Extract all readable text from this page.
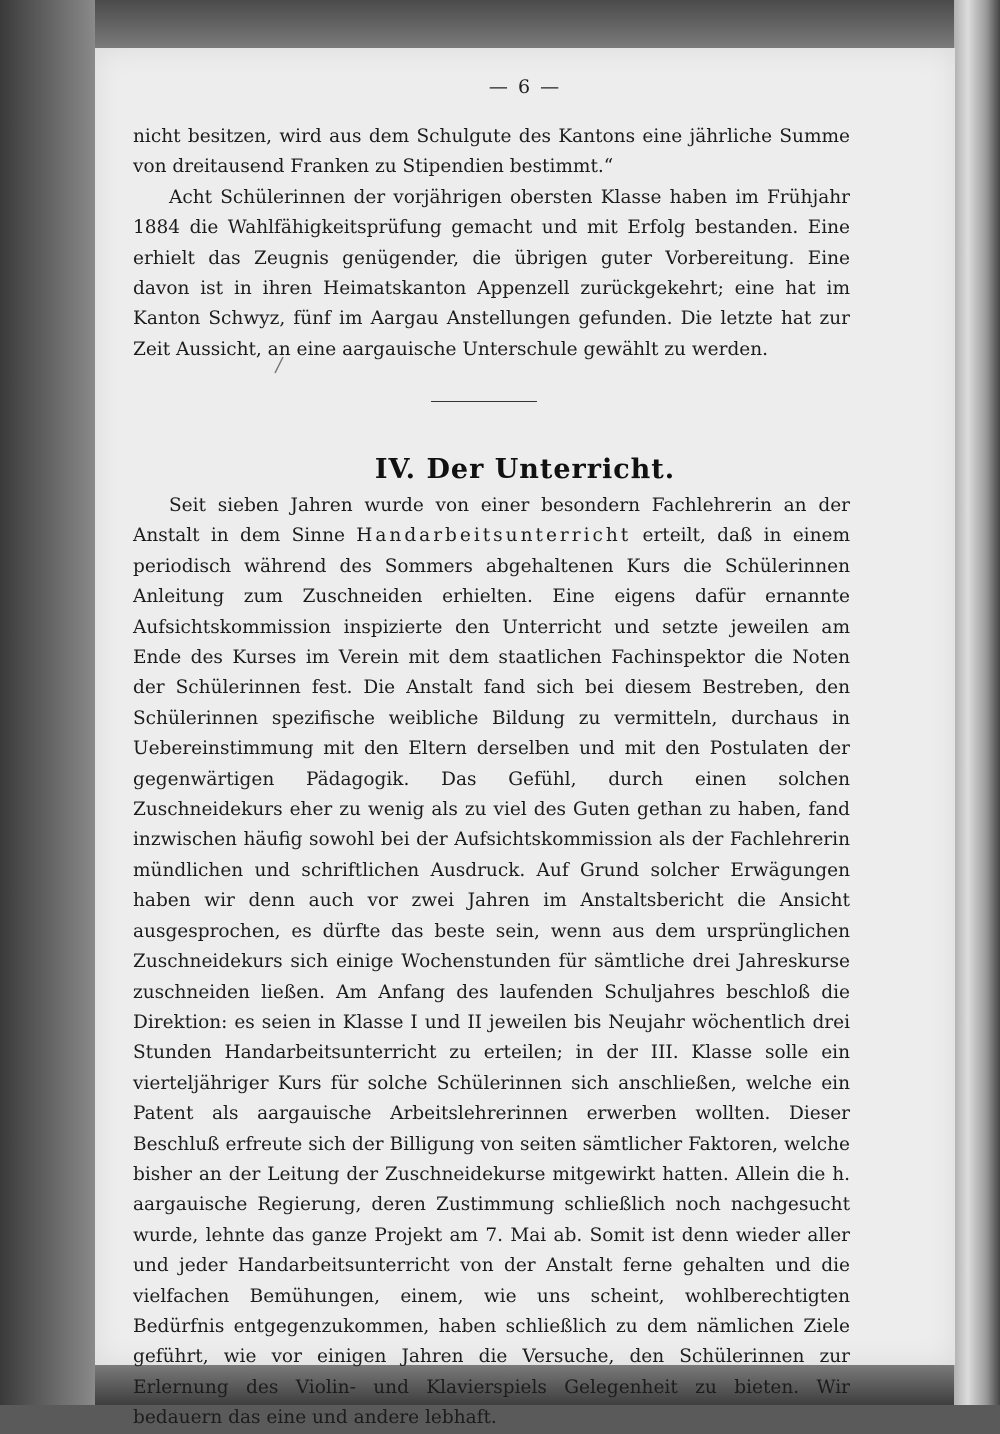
— 6 —

nicht besitzen, wird aus dem Schulgute des Kantons eine jährliche Summe von dreitausend Franken zu Stipendien bestimmt.“

Acht Schülerinnen der vorjährigen obersten Klasse haben im Frühjahr 1884 die Wahlfähigkeitsprüfung gemacht und mit Erfolg bestanden. Eine erhielt das Zeugnis genügender, die übrigen guter Vorbereitung. Eine davon ist in ihren Heimatskanton Appenzell zurückgekehrt; eine hat im Kanton Schwyz, fünf im Aargau Anstellungen gefunden. Die letzte hat zur Zeit Aussicht, an eine aargauische Unterschule gewählt zu werden.

IV. Der Unterricht.

Seit sieben Jahren wurde von einer besondern Fachlehrerin an der Anstalt in dem Sinne Handarbeitsunterricht erteilt, daß in einem periodisch während des Sommers abgehaltenen Kurs die Schülerinnen Anleitung zum Zuschneiden erhielten. Eine eigens dafür ernannte Aufsichtskommission inspizierte den Unterricht und setzte jeweilen am Ende des Kurses im Verein mit dem staatlichen Fachinspektor die Noten der Schülerinnen fest. Die Anstalt fand sich bei diesem Bestreben, den Schülerinnen spezifische weibliche Bildung zu vermitteln, durchaus in Uebereinstimmung mit den Eltern derselben und mit den Postulaten der gegenwärtigen Pädagogik. Das Gefühl, durch einen solchen Zuschneidekurs eher zu wenig als zu viel des Guten gethan zu haben, fand inzwischen häufig sowohl bei der Aufsichtskommission als der Fachlehrerin mündlichen und schriftlichen Ausdruck. Auf Grund solcher Erwägungen haben wir denn auch vor zwei Jahren im Anstaltsbericht die Ansicht ausgesprochen, es dürfte das beste sein, wenn aus dem ursprünglichen Zuschneidekurs sich einige Wochenstunden für sämtliche drei Jahreskurse zuschneiden ließen. Am Anfang des laufenden Schuljahres beschloß die Direktion: es seien in Klasse I und II jeweilen bis Neujahr wöchentlich drei Stunden Handarbeitsunterricht zu erteilen; in der III. Klasse solle ein vierteljähriger Kurs für solche Schülerinnen sich anschließen, welche ein Patent als aargauische Arbeitslehrerinnen erwerben wollten. Dieser Beschluß erfreute sich der Billigung von seiten sämtlicher Faktoren, welche bisher an der Leitung der Zuschneidekurse mitgewirkt hatten. Allein die h. aargauische Regierung, deren Zustimmung schließlich noch nachgesucht wurde, lehnte das ganze Projekt am 7. Mai ab. Somit ist denn wieder aller und jeder Handarbeitsunterricht von der Anstalt ferne gehalten und die vielfachen Bemühungen, einem, wie uns scheint, wohlberechtigten Bedürfnis entgegenzukommen, haben schließlich zu dem nämlichen Ziele geführt, wie vor einigen Jahren die Versuche, den Schülerinnen zur Erlernung des Violin- und Klavierspiels Gelegenheit zu bieten. Wir bedauern das eine und andere lebhaft.
